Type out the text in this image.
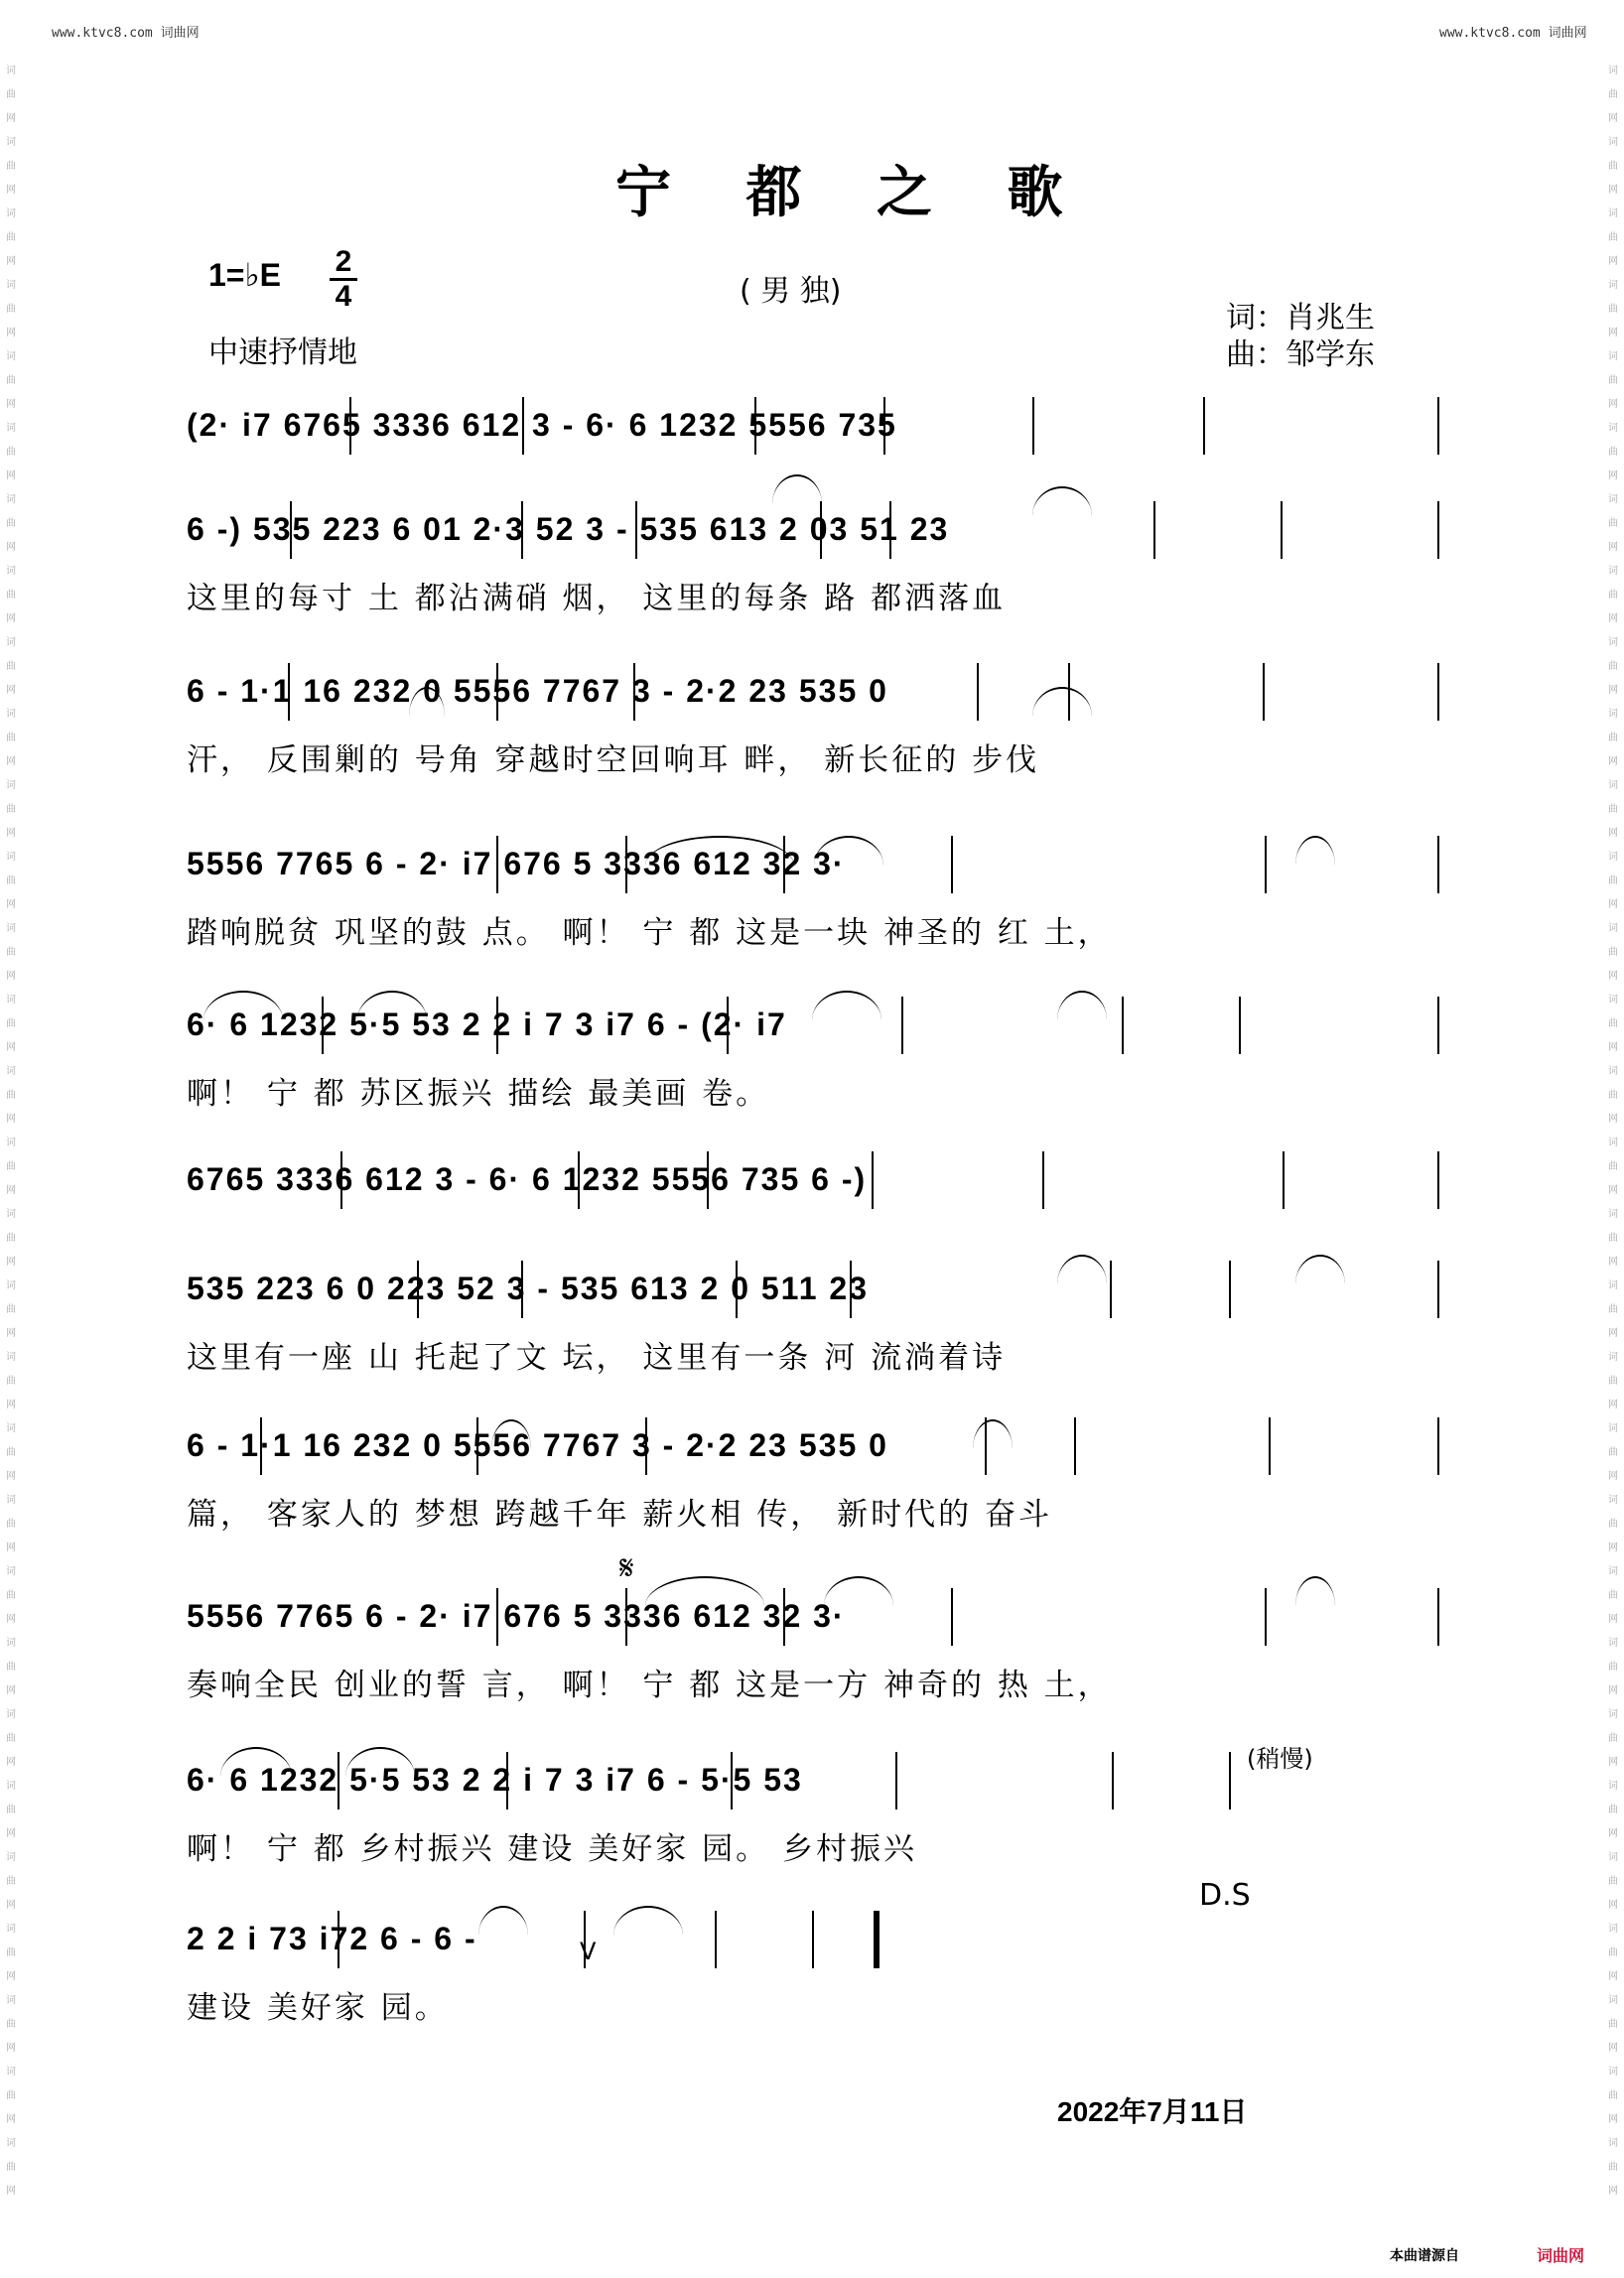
www.ktvc8.com 词曲网	www.ktvc8.com 词曲网
词曲网词曲网词曲网词曲网词曲网词曲网词曲网词曲网词曲网词曲网词曲网词曲网词曲网词曲网词曲网词曲网词曲网词曲网词曲网词曲网词曲网词曲网词曲网词曲网词曲网词曲网词曲网词曲网词曲网词曲网
词曲网词曲网词曲网词曲网词曲网词曲网词曲网词曲网词曲网词曲网词曲网词曲网词曲网词曲网词曲网词曲网词曲网词曲网词曲网词曲网词曲网词曲网词曲网词曲网词曲网词曲网词曲网词曲网词曲网词曲网
宁 都 之 歌
( 男 独)
1=♭E 2
4
中速抒情地
词：肖兆生
曲：邹学东
(2· i7 6765 3336 612 3 - 6· 6 1232 5556 735
6 -) 535 223 6 01 2·3 52 3 - 535 613 2 03 51 23
这里的每寸 土 都沾满硝 烟， 这里的每条 路 都洒落血
6 - 1·1 16 232 0 5556 7767 3 - 2·2 23 535 0
汗， 反围剿的 号角 穿越时空回响耳 畔， 新长征的 步伐
5556 7765 6 - 2· i7 676 5 3336 612 32 3·
踏响脱贫 巩坚的鼓 点。 啊！ 宁 都 这是一块 神圣的 红 土，
6· 6 1232 5·5 53 2 2 i 7 3 i7 6 - (2· i7
啊！ 宁 都 苏区振兴 描绘 最美画 卷。
6765 3336 612 3 - 6· 6 1232 5556 735 6 -)
535 223 6 0 223 52 3 - 535 613 2 0 511 23
这里有一座 山 托起了文 坛， 这里有一条 河 流淌着诗
6 - 1·1 16 232 0 5556 7767 3 - 2·2 23 535 0
篇， 客家人的 梦想 跨越千年 薪火相 传， 新时代的 奋斗
5556 7765 6 - 2· i7 676 5 3336 612 32 3·
奏响全民 创业的誓 言， 啊！ 宁 都 这是一方 神奇的 热 土，
6· 6 1232 5·5 53 2 2 i 7 3 i7 6 - 5·5 53
啊！ 宁 都 乡村振兴 建设 美好家 园。 乡村振兴
2 2 i 73 i72 6 - 6 -
建设 美好家 园。
𝄋
D.S
(稍慢)
V
2022年7月11日
本曲谱源自	词曲网
